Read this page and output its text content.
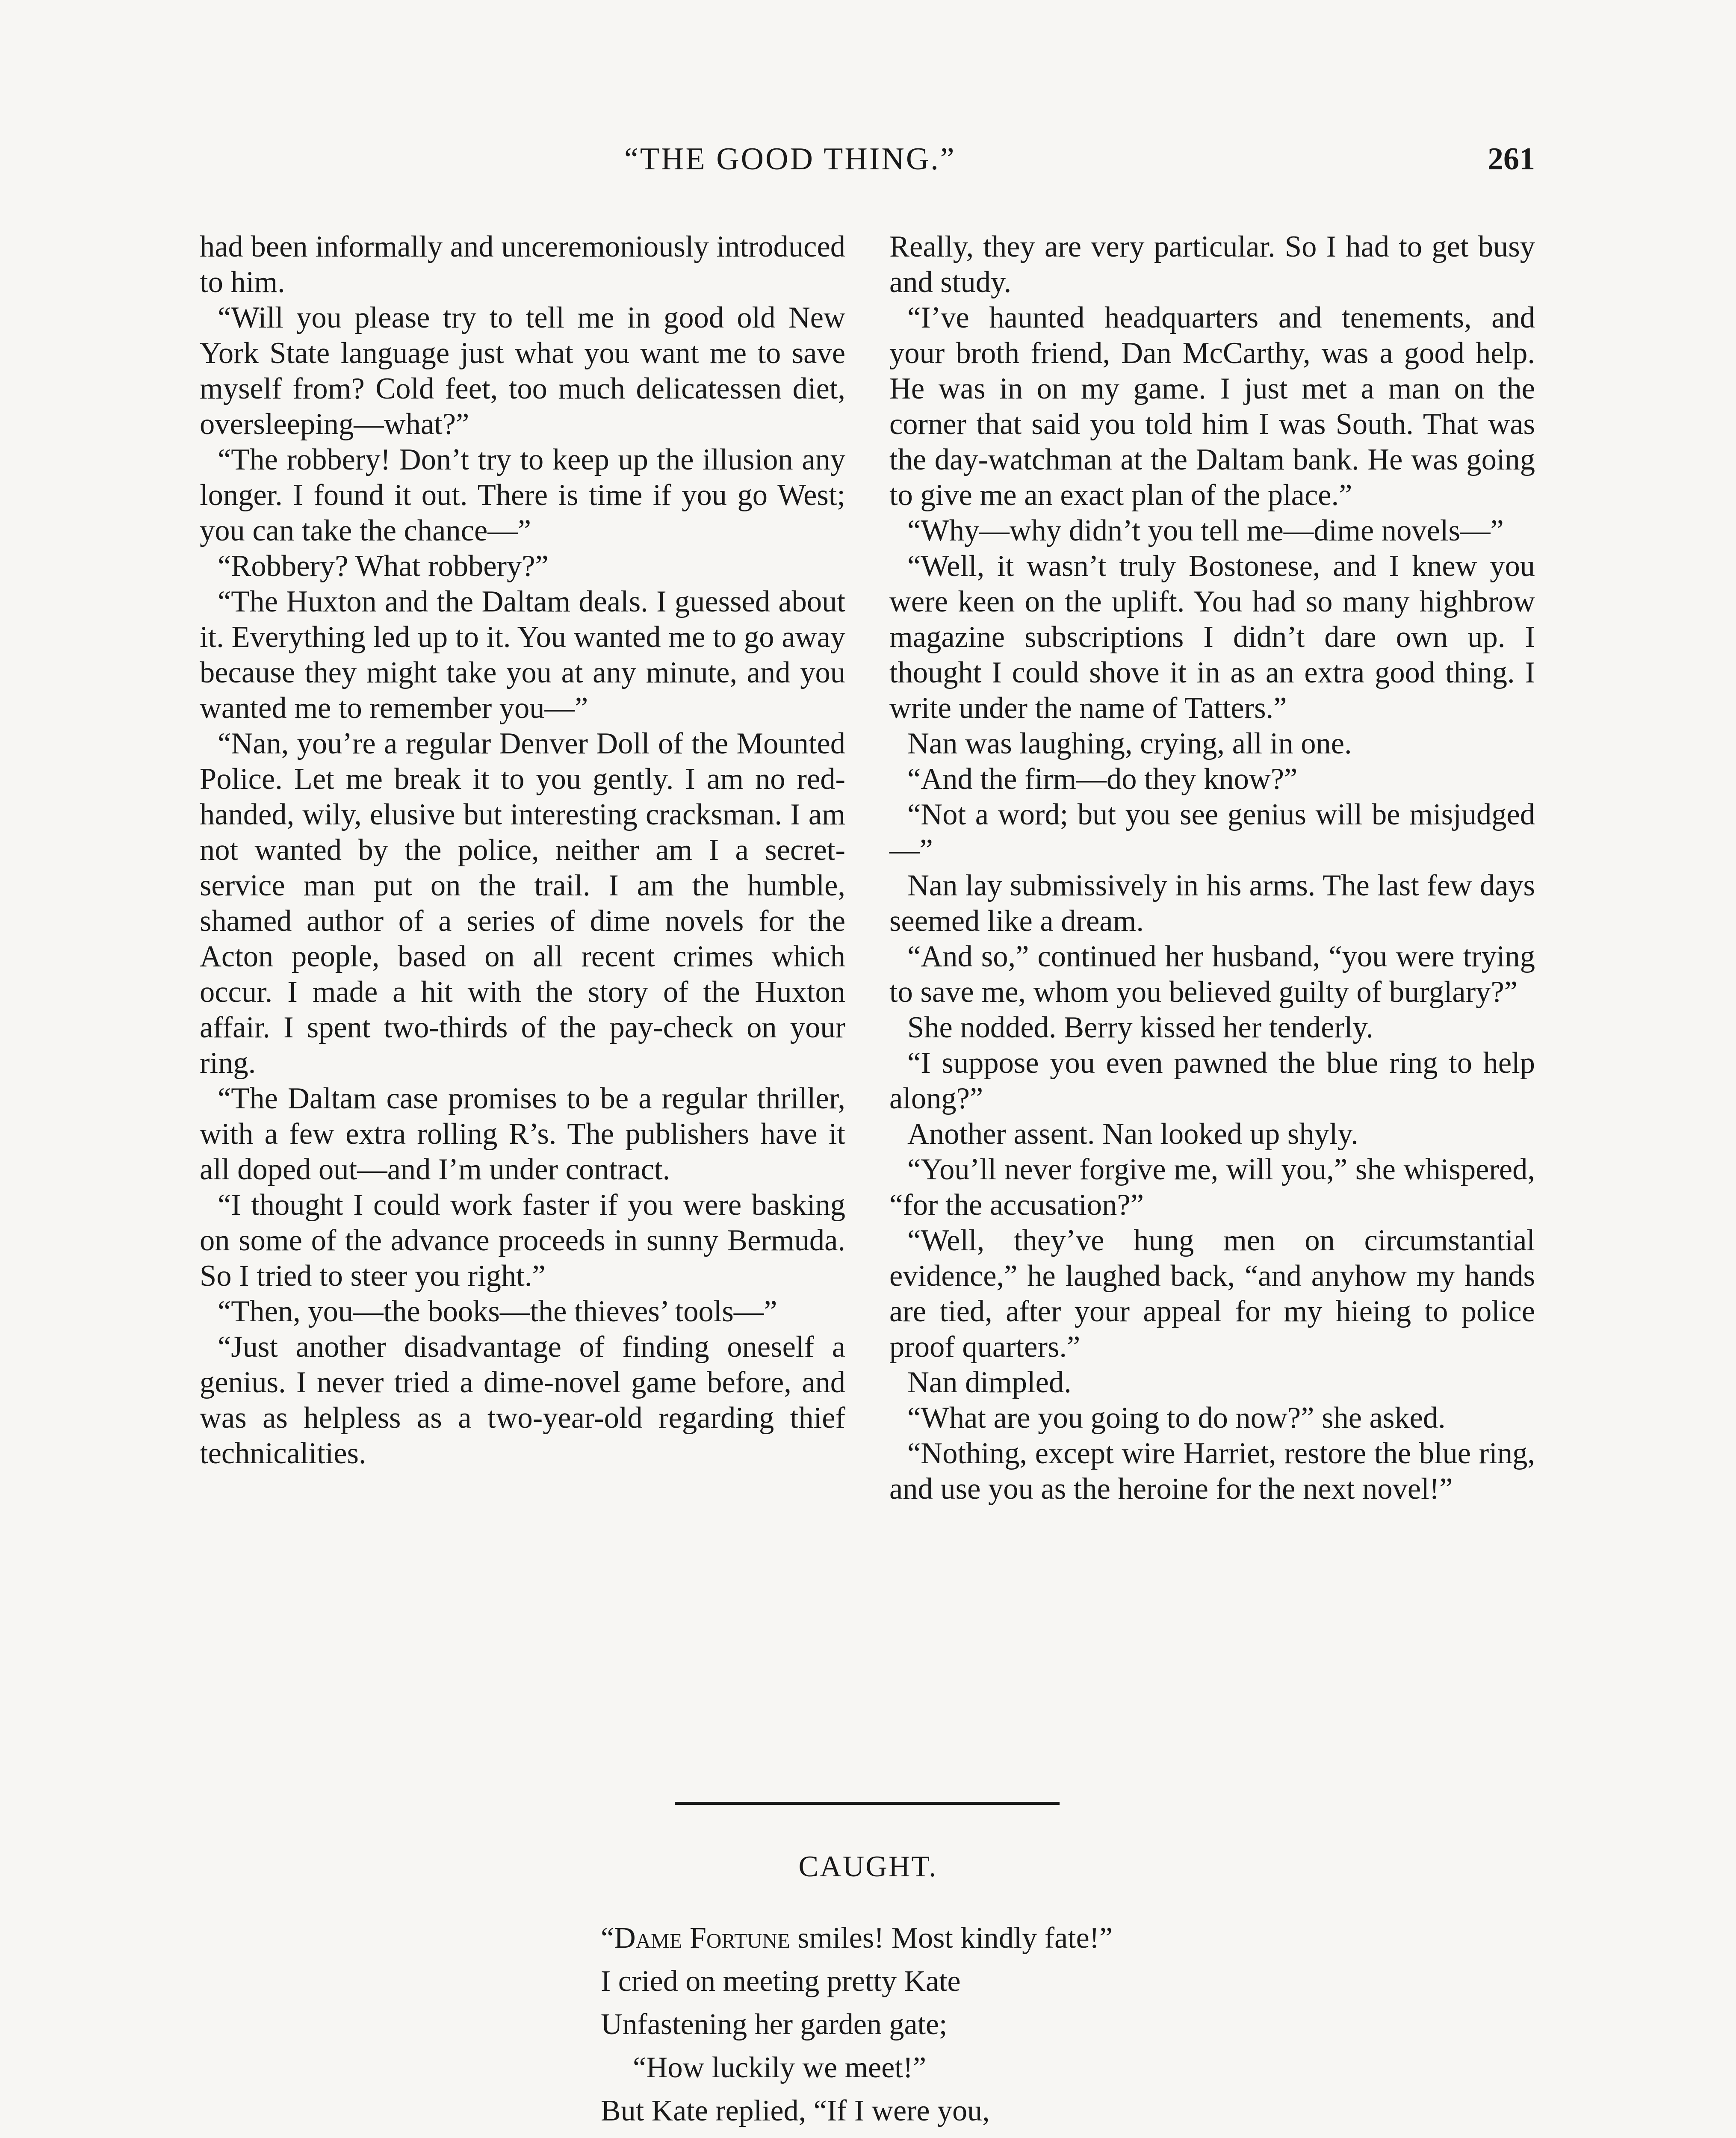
“THE GOOD THING.”	261

had been informally and unceremoniously introduced to him.

“Will you please try to tell me in good old New York State language just what you want me to save myself from? Cold feet, too much delicatessen diet, oversleeping—what?”

“The robbery! Don’t try to keep up the illusion any longer. I found it out. There is time if you go West; you can take the chance—”

“Robbery? What robbery?”

“The Huxton and the Daltam deals. I guessed about it. Everything led up to it. You wanted me to go away because they might take you at any minute, and you wanted me to remember you—”

“Nan, you’re a regular Denver Doll of the Mounted Police. Let me break it to you gently. I am no red-handed, wily, elusive but interesting cracksman. I am not wanted by the police, neither am I a secret-service man put on the trail. I am the humble, shamed author of a series of dime novels for the Acton people, based on all recent crimes which occur. I made a hit with the story of the Huxton affair. I spent two-thirds of the pay-check on your ring.

“The Daltam case promises to be a regular thriller, with a few extra rolling R’s. The publishers have it all doped out—and I’m under contract.

“I thought I could work faster if you were basking on some of the advance proceeds in sunny Bermuda. So I tried to steer you right.”

“Then, you—the books—the thieves’ tools—”

“Just another disadvantage of finding oneself a genius. I never tried a dime-novel game before, and was as helpless as a two-year-old regarding thief technicalities.

Really, they are very particular. So I had to get busy and study.

“I’ve haunted headquarters and tenements, and your broth friend, Dan McCarthy, was a good help. He was in on my game. I just met a man on the corner that said you told him I was South. That was the day-watchman at the Daltam bank. He was going to give me an exact plan of the place.”

“Why—why didn’t you tell me—dime novels—”

“Well, it wasn’t truly Bostonese, and I knew you were keen on the uplift. You had so many highbrow magazine subscriptions I didn’t dare own up. I thought I could shove it in as an extra good thing. I write under the name of Tatters.”

Nan was laughing, crying, all in one.

“And the firm—do they know?”

“Not a word; but you see genius will be misjudged—”

Nan lay submissively in his arms. The last few days seemed like a dream.

“And so,” continued her husband, “you were trying to save me, whom you believed guilty of burglary?”

She nodded. Berry kissed her tenderly.

“I suppose you even pawned the blue ring to help along?”

Another assent. Nan looked up shyly.

“You’ll never forgive me, will you,” she whispered, “for the accusation?”

“Well, they’ve hung men on circumstantial evidence,” he laughed back, “and anyhow my hands are tied, after your appeal for my hieing to police proof quarters.”

Nan dimpled.

“What are you going to do now?” she asked.

“Nothing, except wire Harriet, restore the blue ring, and use you as the heroine for the next novel!”

CAUGHT.
“Dame Fortune smiles! Most kindly fate!”
I cried on meeting pretty Kate
Unfastening her garden gate;
“How luckily we meet!”
But Kate replied, “If I were you,
